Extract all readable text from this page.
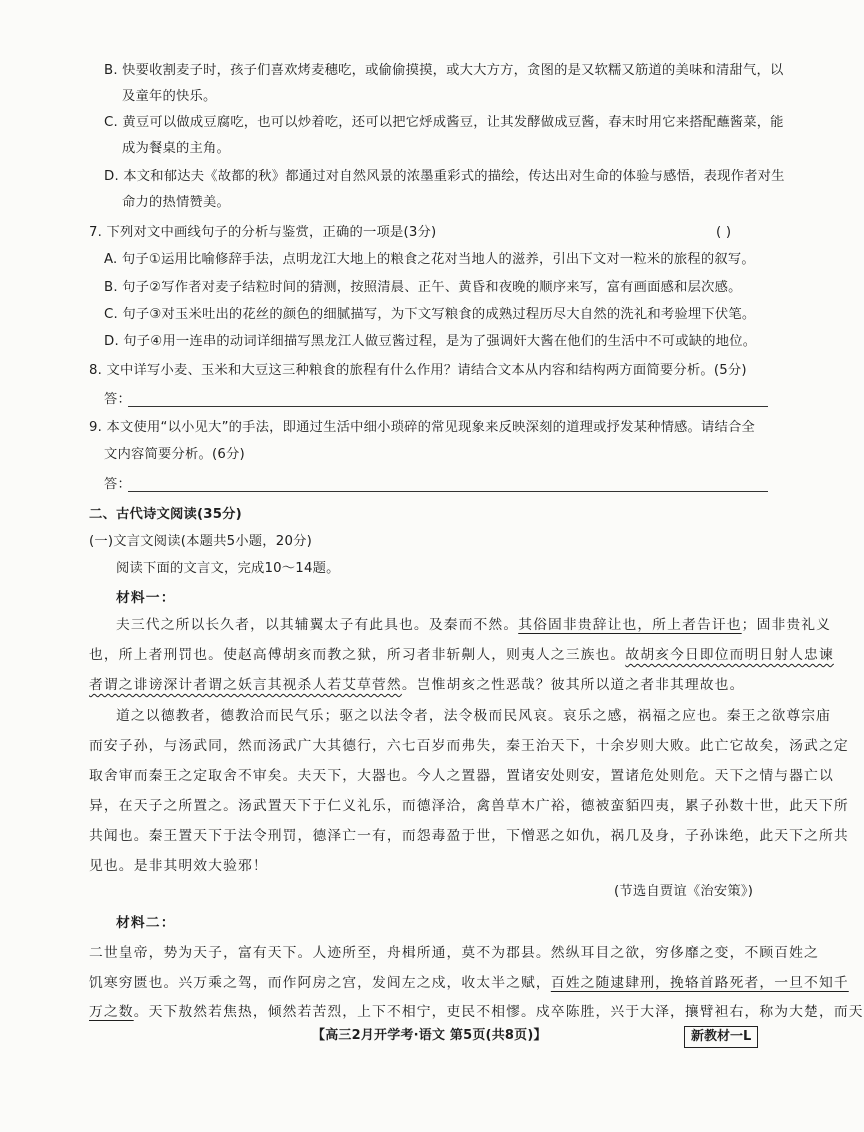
B. 快要收割麦子时，孩子们喜欢烤麦穗吃，或偷偷摸摸，或大大方方，贪图的是又软糯又筋道的美味和清甜气，以
及童年的快乐。
C. 黄豆可以做成豆腐吃，也可以炒着吃，还可以把它烀成酱豆，让其发酵做成豆酱，春末时用它来搭配蘸酱菜，能
成为餐桌的主角。
D. 本文和郁达夫《故都的秋》都通过对自然风景的浓墨重彩式的描绘，传达出对生命的体验与感悟，表现作者对生
命力的热情赞美。
7. 下列对文中画线句子的分析与鉴赏，正确的一项是(3分)	( )
A. 句子①运用比喻修辞手法，点明龙江大地上的粮食之花对当地人的滋养，引出下文对一粒米的旅程的叙写。
B. 句子②写作者对麦子结粒时间的猜测，按照清晨、正午、黄昏和夜晚的顺序来写，富有画面感和层次感。
C. 句子③对玉米吐出的花丝的颜色的细腻描写，为下文写粮食的成熟过程历尽大自然的洗礼和考验埋下伏笔。
D. 句子④用一连串的动词详细描写黑龙江人做豆酱过程，是为了强调奸大酱在他们的生活中不可或缺的地位。
8. 文中详写小麦、玉米和大豆这三种粮食的旅程有什么作用？请结合文本从内容和结构两方面简要分析。(5分)
答：
9. 本文使用“以小见大”的手法，即通过生活中细小琐碎的常见现象来反映深刻的道理或抒发某种情感。请结合全
文内容简要分析。(6分)
答：
二、古代诗文阅读(35分)
(一)文言文阅读(本题共5小题，20分)
阅读下面的文言文，完成10～14题。
材料一：
夫三代之所以长久者，以其辅翼太子有此具也。及秦而不然。其俗固非贵辞让也，所上者告讦也；固非贵礼义
也，所上者刑罚也。使赵高傅胡亥而教之狱，所习者非斩劓人，则夷人之三族也。故胡亥今日即位而明日射人忠谏
者谓之诽谤深计者谓之妖言其视杀人若艾草菅然。岂惟胡亥之性恶哉？彼其所以道之者非其理故也。
道之以德教者，德教洽而民气乐；驱之以法令者，法令极而民风哀。哀乐之感，祸福之应也。秦王之欲尊宗庙
而安子孙，与汤武同，然而汤武广大其德行，六七百岁而弗失，秦王治天下，十余岁则大败。此亡它故矣，汤武之定
取舍审而秦王之定取舍不审矣。夫天下，大器也。今人之置器，置诸安处则安，置诸危处则危。天下之情与器亡以
异，在天子之所置之。汤武置天下于仁义礼乐，而德泽洽，禽兽草木广裕，德被蛮貊四夷，累子孙数十世，此天下所
共闻也。秦王置天下于法令刑罚，德泽亡一有，而怨毒盈于世，下憎恶之如仇，祸几及身，子孙诛绝，此天下之所共
见也。是非其明效大验邪！
(节选自贾谊《治安策》)
材料二：
二世皇帝，势为天子，富有天下。人迹所至，舟楫所通，莫不为郡县。然纵耳目之欲，穷侈靡之变，不顾百姓之
饥寒穷匮也。兴万乘之驾，而作阿房之宫，发闾左之戍，收太半之赋，百姓之随逮肆刑，挽辂首路死者，一旦不知千
万之数。天下敖然若焦热，倾然若苦烈，上下不相宁，吏民不相憀。戍卒陈胜，兴于大泽，攘臂袒右，称为大楚，而天
【高三2月开学考·语文 第5页(共8页)】	新教材一L
